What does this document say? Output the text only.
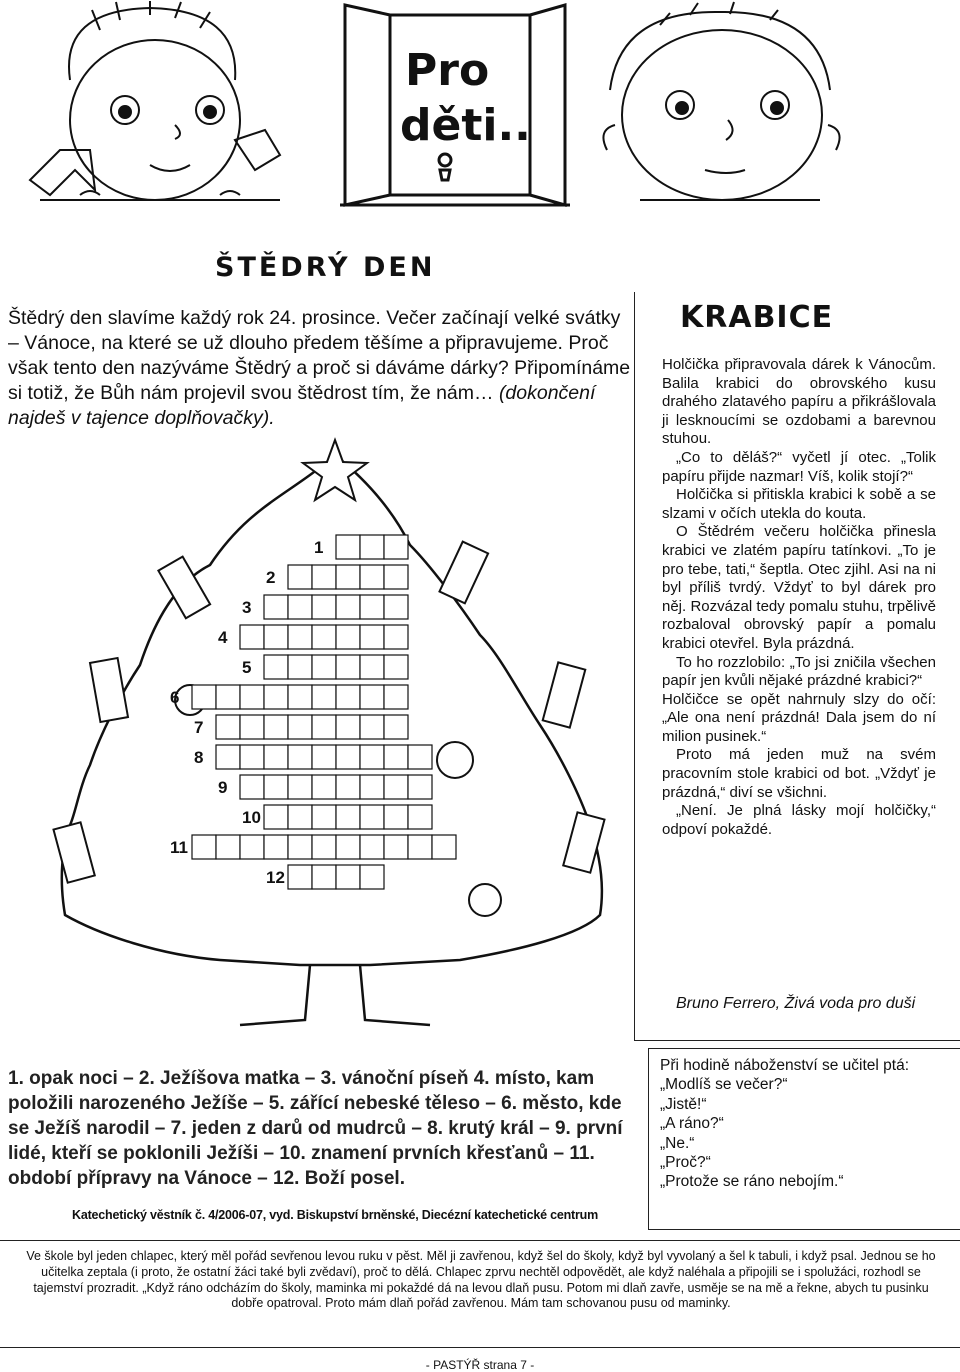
Pro
děti..
ŠTĚDRÝ DEN
Štědrý den slavíme každý rok 24. prosince. Večer začínají velké svátky – Vánoce, na které se už dlouho předem těšíme a připravujeme. Proč však tento den nazýváme Štědrý a proč si dáváme dárky? Připomínáme si totiž, že Bůh nám projevil svou štědrost tím, že nám… (dokončení najdeš v tajence doplňovačky).
1
2
3
4
5
6
7
8
9
10
11
12
KRABICE

Holčička připravovala dárek k Vánocům. Balila krabici do obrovského kusu drahého zlatavého papíru a přikrášlovala ji lesknoucími se ozdobami a barevnou stuhou.

„Co to děláš?“ vyčetl jí otec. „Tolik papíru přijde nazmar! Víš, kolik stojí?“

Holčička si přitiskla krabici k sobě a se slzami v očích utekla do kouta.

O Štědrém večeru holčička přinesla krabici ve zlatém papíru tatínkovi. „To je pro tebe, tati,“ šeptla. Otec zjihl. Asi na ni byl příliš tvrdý. Vždyť to byl dárek pro něj. Rozvázal tedy pomalu stuhu, trpělivě rozbaloval obrovský papír a pomalu krabici otevřel. Byla prázdná.

To ho rozzlobilo: „To jsi zničila všechen papír jen kvůli nějaké prázdné krabici?“

Holčičce se opět nahrnuly slzy do očí: „Ale ona není prázdná! Dala jsem do ní milion pusinek.“

Proto má jeden muž na svém pracovním stole krabici od bot. „Vždyť je prázdná,“ diví se všichni.

„Není. Je plná lásky mojí holčičky,“ odpoví pokaždé.

Bruno Ferrero, Živá voda pro duši
1. opak noci – 2. Ježíšova matka – 3. vánoční píseň 4. místo, kam položili narozeného Ježíše – 5. zářící nebeské těleso – 6. město, kde se Ježíš narodil – 7. jeden z darů od mudrců – 8. krutý král – 9. první lidé, kteří se poklonili Ježíši – 10. znamení prvních křesťanů – 11. období přípravy na Vánoce – 12. Boží posel.
Katechetický věstník č. 4/2006-07, vyd. Biskupství brněnské, Diecézní katechetické centrum
Při hodině náboženství se učitel ptá:
„Modlíš se večer?“
„Jistě!“
„A ráno?“
„Ne.“
„Proč?“
„Protože se ráno nebojím.“
Ve škole byl jeden chlapec, který měl pořád sevřenou levou ruku v pěst. Měl ji zavřenou, když šel do školy, když byl vyvolaný a šel k tabuli, i když psal. Jednou se ho učitelka zeptala (i proto, že ostatní žáci také byli zvědaví), proč to dělá. Chlapec zprvu nechtěl odpovědět, ale když naléhala a připojili se i spolužáci, rozhodl se tajemství prozradit. „Když ráno odcházím do školy, maminka mi pokaždé dá na levou dlaň pusu. Potom mi dlaň zavře, usměje se na mě a řekne, abych tu pusinku dobře opatroval. Proto mám dlaň pořád zavřenou. Mám tam schovanou pusu od maminky.
- PASTÝŘ strana 7 -
